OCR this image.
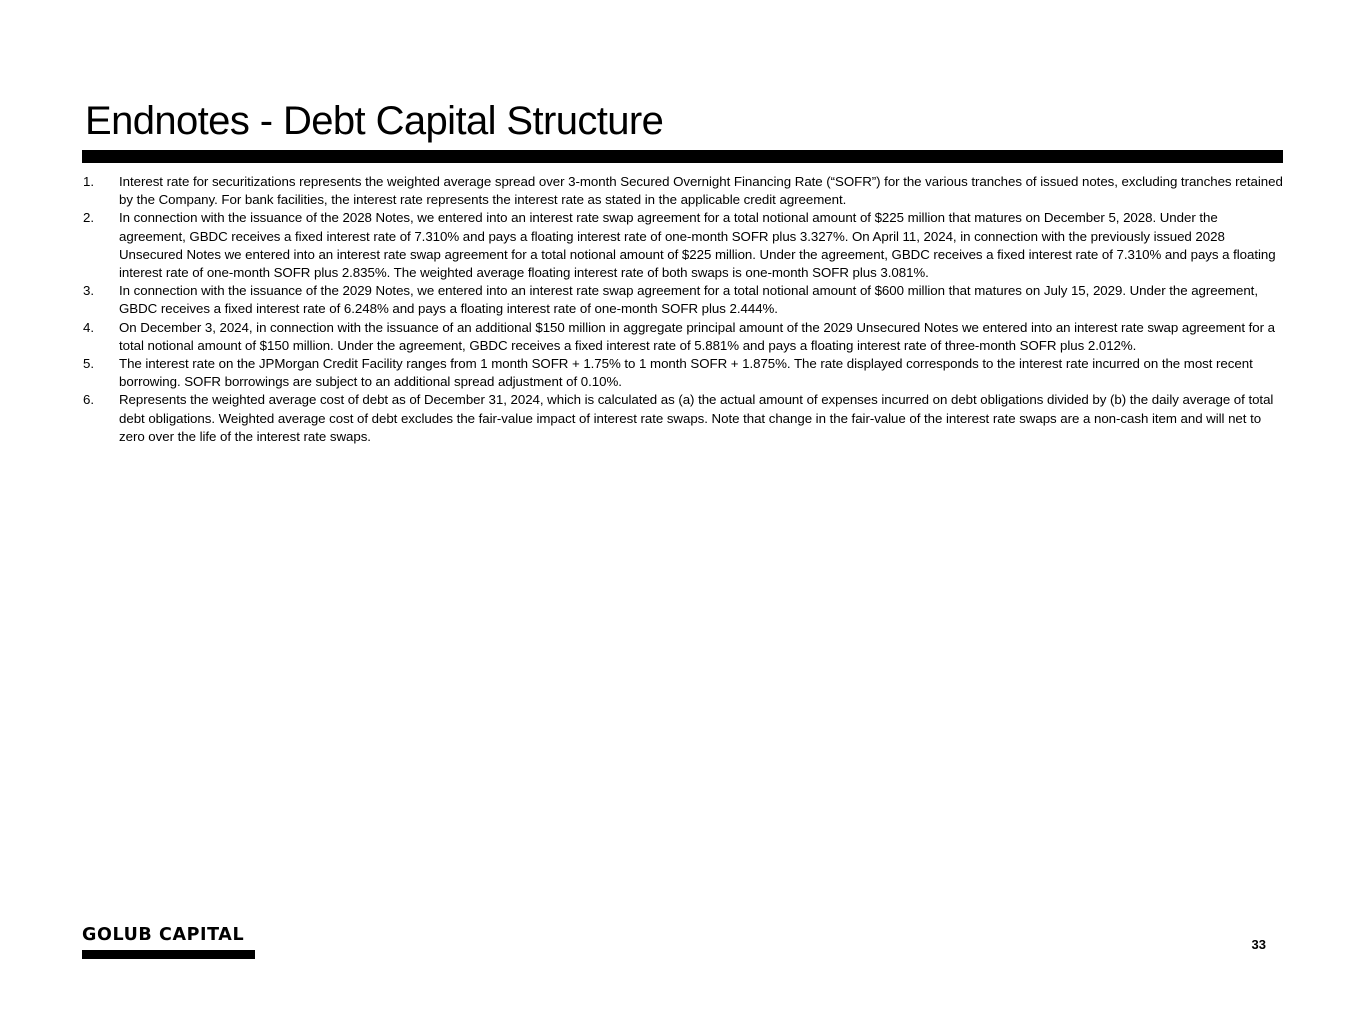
Endnotes - Debt Capital Structure
1. Interest rate for securitizations represents the weighted average spread over 3-month Secured Overnight Financing Rate (“SOFR”) for the various tranches of issued notes, excluding tranches retained by the Company. For bank facilities, the interest rate represents the interest rate as stated in the applicable credit agreement.
2. In connection with the issuance of the 2028 Notes, we entered into an interest rate swap agreement for a total notional amount of $225 million that matures on December 5, 2028. Under the agreement, GBDC receives a fixed interest rate of 7.310% and pays a floating interest rate of one-month SOFR plus 3.327%. On April 11, 2024, in connection with the previously issued 2028 Unsecured Notes we entered into an interest rate swap agreement for a total notional amount of $225 million. Under the agreement, GBDC receives a fixed interest rate of 7.310% and pays a floating interest rate of one-month SOFR plus 2.835%. The weighted average floating interest rate of both swaps is one-month SOFR plus 3.081%.
3. In connection with the issuance of the 2029 Notes, we entered into an interest rate swap agreement for a total notional amount of $600 million that matures on July 15, 2029. Under the agreement, GBDC receives a fixed interest rate of 6.248% and pays a floating interest rate of one-month SOFR plus 2.444%.
4. On December 3, 2024, in connection with the issuance of an additional $150 million in aggregate principal amount of the 2029 Unsecured Notes we entered into an interest rate swap agreement for a total notional amount of $150 million. Under the agreement, GBDC receives a fixed interest rate of 5.881% and pays a floating interest rate of three-month SOFR plus 2.012%.
5. The interest rate on the JPMorgan Credit Facility ranges from 1 month SOFR + 1.75% to 1 month SOFR + 1.875%. The rate displayed corresponds to the interest rate incurred on the most recent borrowing. SOFR borrowings are subject to an additional spread adjustment of 0.10%.
6. Represents the weighted average cost of debt as of December 31, 2024, which is calculated as (a) the actual amount of expenses incurred on debt obligations divided by (b) the daily average of total debt obligations. Weighted average cost of debt excludes the fair-value impact of interest rate swaps. Note that change in the fair-value of the interest rate swaps are a non-cash item and will net to zero over the life of the interest rate swaps.
GOLUB CAPITAL	33
